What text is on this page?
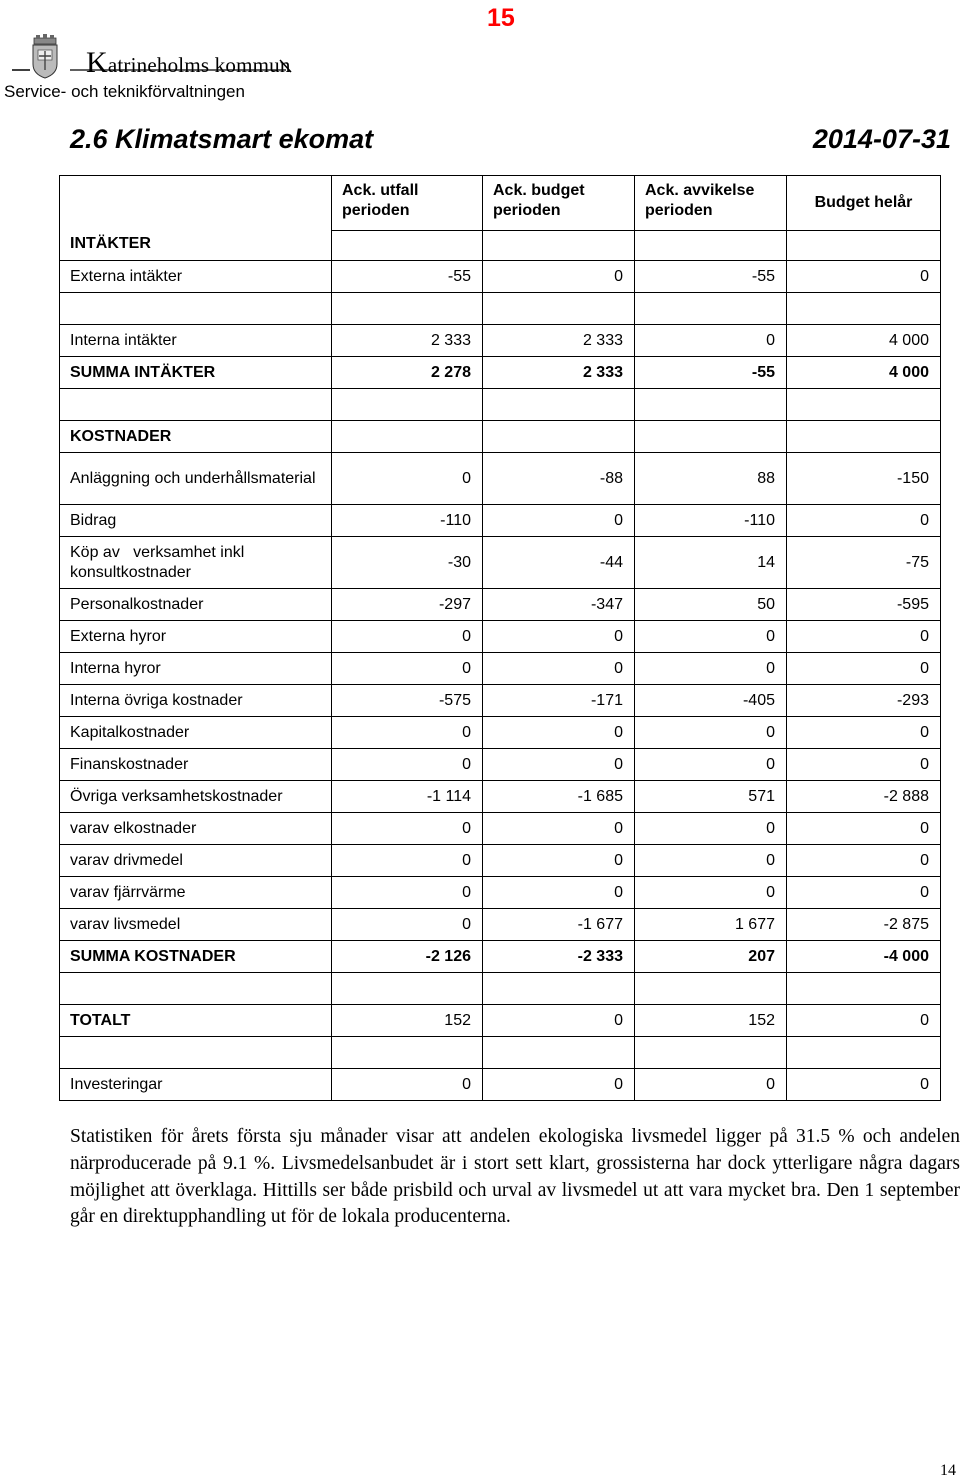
15
Katrineholms kommun
Service- och teknikförvaltningen
2.6 Klimatsmart ekomat	2014-07-31
INTÄKTER	Ack. utfall perioden	Ack. budget perioden	Ack. avvikelse perioden	Budget helår

Externa intäkter	-55	0	-55	0

Interna intäkter	2 333	2 333	0	4 000
SUMMA INTÄKTER	2 278	2 333	-55	4 000

KOSTNADER				
Anläggning och underhållsmaterial	0	-88	88	-150
Bidrag	-110	0	-110	0
Köp av   verksamhet inkl konsultkostnader	-30	-44	14	-75
Personalkostnader	-297	-347	50	-595
Externa hyror	0	0	0	0
Interna hyror	0	0	0	0
Interna övriga kostnader	-575	-171	-405	-293
Kapitalkostnader	0	0	0	0
Finanskostnader	0	0	0	0
Övriga verksamhetskostnader	-1 114	-1 685	571	-2 888
varav elkostnader	0	0	0	0
varav drivmedel	0	0	0	0
varav fjärrvärme	0	0	0	0
varav livsmedel	0	-1 677	1 677	-2 875
SUMMA KOSTNADER	-2 126	-2 333	207	-4 000

TOTALT	152	0	152	0

Investeringar	0	0	0	0
Statistiken för årets första sju månader visar att andelen ekologiska livsmedel ligger på 31.5 % och andelen närproducerade på 9.1 %. Livsmedelsanbudet är i stort sett klart, grossisterna har dock ytterligare några dagars möjlighet att överklaga. Hittills ser både prisbild och urval av livsmedel ut att vara mycket bra. Den 1 september går en direktupphandling ut för de lokala producenterna.
14
